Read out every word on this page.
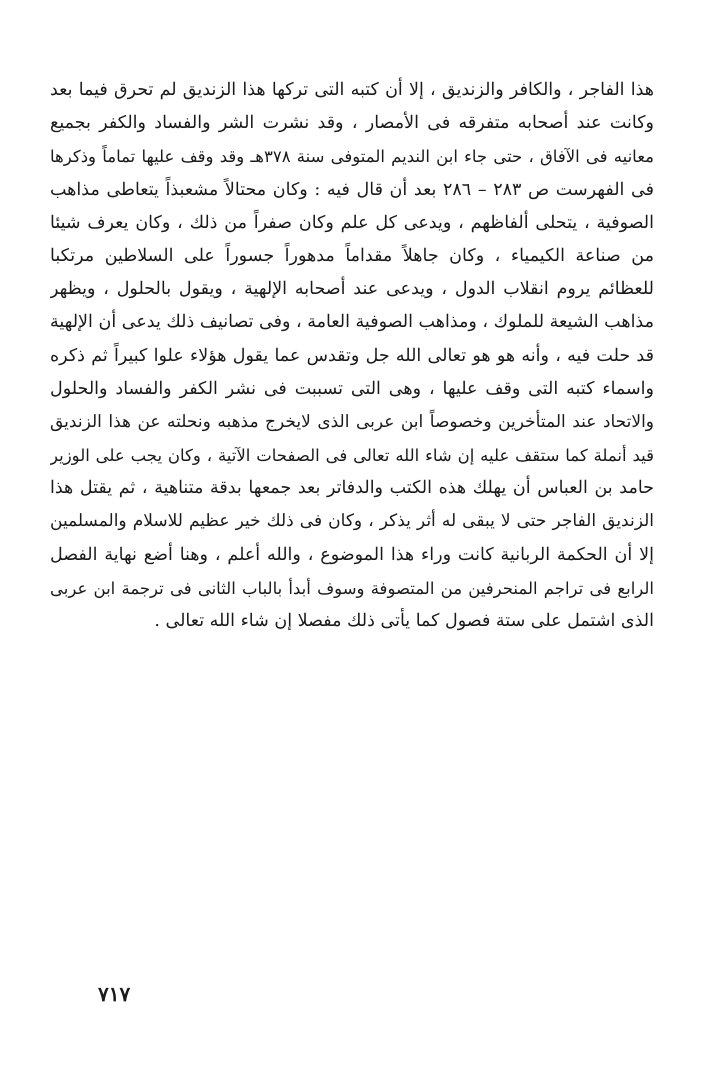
هذا الفاجر ، والكافر والزنديق ، إلا أن كتبه التى تركها هذا الزنديق لم تحرق فيما بعد
وكانت عند أصحابه متفرقه فى الأمصار ، وقد نشرت الشر والفساد والكفر بجميع
معانيه فى الآفاق ، حتى جاء ابن النديم المتوفى سنة ٣٧٨هـ وقد وقف عليها تماماً وذكرها
فى الفهرست ص ٢٨٣ – ٢٨٦ بعد أن قال فيه : وكان محتالاً مشعبذاً يتعاطى مذاهب
الصوفية ، يتحلى ألفاظهم ، ويدعى كل علم وكان صفراً من ذلك ، وكان يعرف شيئا
من صناعة الكيمياء ، وكان جاهلاً مقداماً مدهوراً جسوراً على السلاطين مرتكبا
للعظائم يروم انقلاب الدول ، ويدعى عند أصحابه الإلهية ، ويقول بالحلول ، ويظهر
مذاهب الشيعة للملوك ، ومذاهب الصوفية العامة ، وفى تصانيف ذلك يدعى أن الإلهية
قد حلت فيه ، وأنه هو هو تعالى الله جل وتقدس عما يقول هؤلاء علوا كبيراً ثم ذكره
واسماء كتبه التى وقف عليها ، وهى التى تسببت فى نشر الكفر والفساد والحلول
والاتحاد عند المتأخرين وخصوصاً ابن عربى الذى لايخرج مذهبه ونحلته عن هذا الزنديق
قيد أنملة كما ستقف عليه إن شاء الله تعالى فى الصفحات الآتية ، وكان يجب على الوزير
حامد بن العباس أن يهلك هذه الكتب والدفاتر بعد جمعها بدقة متناهية ، ثم يقتل هذا
الزنديق الفاجر حتى لا يبقى له أثر يذكر ، وكان فى ذلك خير عظيم للاسلام والمسلمين
إلا أن الحكمة الربانية كانت وراء هذا الموضوع ، والله أعلم ، وهنا أضع نهاية الفصل
الرابع فى تراجم المنحرفين من المتصوفة وسوف أبدأ بالباب الثانى فى ترجمة ابن عربى
الذى اشتمل على ستة فصول كما يأتى ذلك مفصلا إن شاء الله تعالى .
٧١٧
